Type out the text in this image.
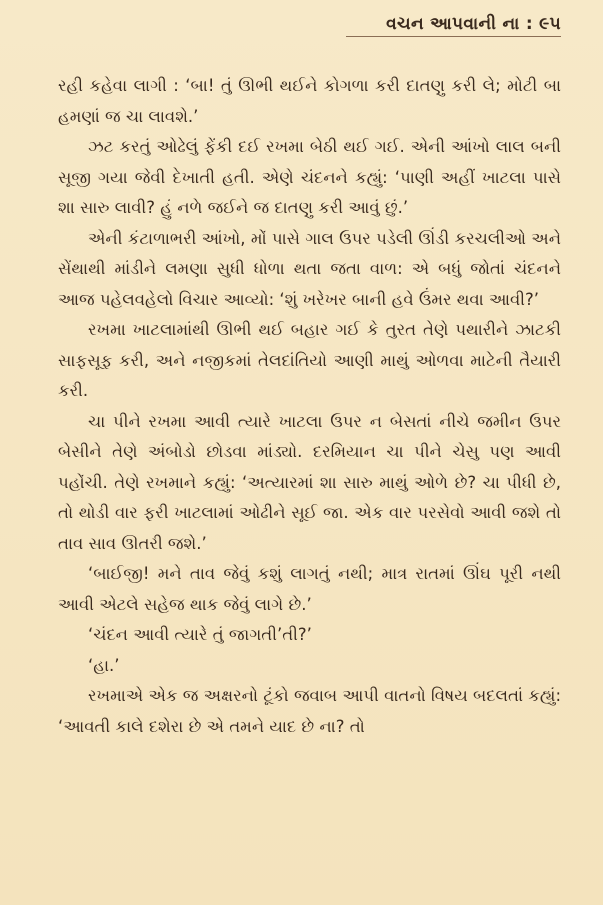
વચન આપવાની ના : ૯૫

રહી કહેવા લાગી : ‘બા! તું ઊભી થઈને કોગળા કરી દાતણુ કરી લે; મોટી બા હમણાં જ ચા લાવશે.’

ઝટ કરતું ઓઢેલું ફેંકી દઈ રખમા બેઠી થઈ ગઈ. એની આંખો લાલ બની સૂજી ગયા જેવી દેખાતી હતી. એણે ચંદનને કહ્યું: ‘પાણી અહીં ખાટલા પાસે શા સારુ લાવી? હું નળે જઈને જ દાતણુ કરી આવું છું.’

એની કંટાળાભરી આંખો, મોં પાસે ગાલ ઉપર પડેલી ઊંડી કરચલીઓ અને સેંથાથી માંડીને લમણા સુધી ધોળા થતા જતા વાળ: એ બધું જોતાં ચંદનને આજ પહેલવહેલો વિચાર આવ્યો: ‘શું ખરેખર બાની હવે ઉંમર થવા આવી?’

રખમા ખાટલામાંથી ઊભી થઈ બહાર ગઈ કે તુરત તેણે પથારીને ઝાટકી સાફસૂફ કરી, અને નજીકમાં તેલદાંતિયો આણી માથું ઓળવા માટેની તૈયારી કરી.

ચા પીને રખમા આવી ત્યારે ખાટલા ઉપર ન બેસતાં નીચે જમીન ઉપર બેસીને તેણે અંબોડો છોડવા માંડ્યો. દરમિયાન ચા પીને ચેસુ પણ આવી પહોંચી. તેણે રખમાને કહ્યું: ‘અત્યારમાં શા સારુ માથું ઓળે છે? ચા પીધી છે, તો થોડી વાર ફરી ખાટલામાં ઓઢીને સૂઈ જા. એક વાર પરસેવો આવી જશે તો તાવ સાવ ઊતરી જશે.’

‘બાઈજી! મને તાવ જેવું કશું લાગતું નથી; માત્ર રાતમાં ઊંઘ પૂરી નથી આવી એટલે સહેજ થાક જેવું લાગે છે.’

‘ચંદન આવી ત્યારે તું જાગતી’તી?’

‘હા.’

રખમાએ એક જ અક્ષરનો ટૂંકો જવાબ આપી વાતનો વિષય બદલતાં કહ્યું: ‘આવતી કાલે દશેરા છે એ તમને યાદ છે ના? તો
